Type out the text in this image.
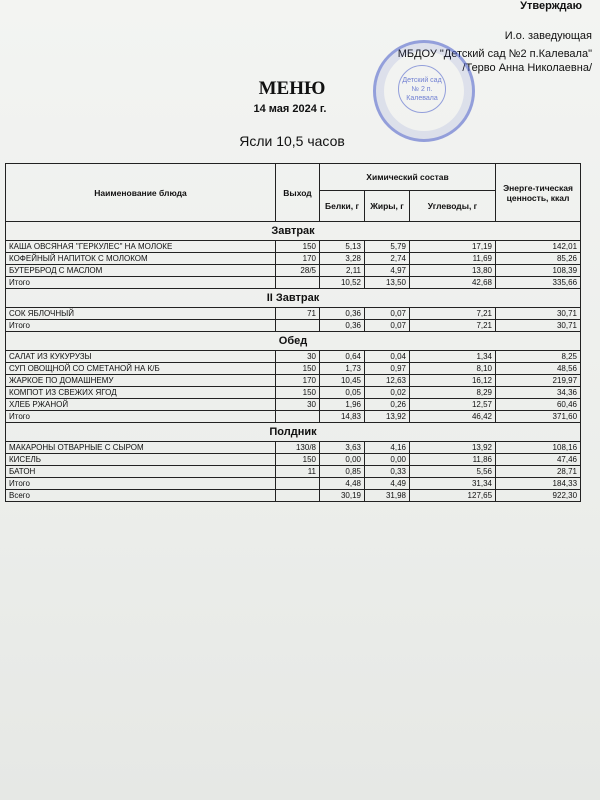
Утверждаю
И.о. заведующая
МБДОУ "Детский сад №2 п.Калевала"
/Терво Анна Николаевна/
Детский сад № 2 п. Калевала
МЕНЮ
14 мая 2024 г.
Ясли 10,5 часов
Наименование блюда	Выход	Химический состав			Энерге-тическая ценность, ккал
		Белки, г	Жиры, г	Углеводы, г	
Завтрак					
КАША ОВСЯНАЯ "ГЕРКУЛЕС" НА МОЛОКЕ	150	5,13	5,79	17,19	142,01
КОФЕЙНЫЙ НАПИТОК С МОЛОКОМ	170	3,28	2,74	11,69	85,26
БУТЕРБРОД С МАСЛОМ	28/5	2,11	4,97	13,80	108,39
Итого		10,52	13,50	42,68	335,66
II Завтрак					
СОК ЯБЛОЧНЫЙ	71	0,36	0,07	7,21	30,71
Итого		0,36	0,07	7,21	30,71
Обед					
САЛАТ ИЗ КУКУРУЗЫ	30	0,64	0,04	1,34	8,25
СУП ОВОЩНОЙ СО СМЕТАНОЙ НА К/Б	150	1,73	0,97	8,10	48,56
ЖАРКОЕ ПО ДОМАШНЕМУ	170	10,45	12,63	16,12	219,97
КОМПОТ ИЗ СВЕЖИХ ЯГОД	150	0,05	0,02	8,29	34,36
ХЛЕБ РЖАНОЙ	30	1,96	0,26	12,57	60,46
Итого		14,83	13,92	46,42	371,60
Полдник					
МАКАРОНЫ ОТВАРНЫЕ С СЫРОМ	130/8	3,63	4,16	13,92	108,16
КИСЕЛЬ	150	0,00	0,00	11,86	47,46
БАТОН	11	0,85	0,33	5,56	28,71
Итого		4,48	4,49	31,34	184,33
Всего		30,19	31,98	127,65	922,30
